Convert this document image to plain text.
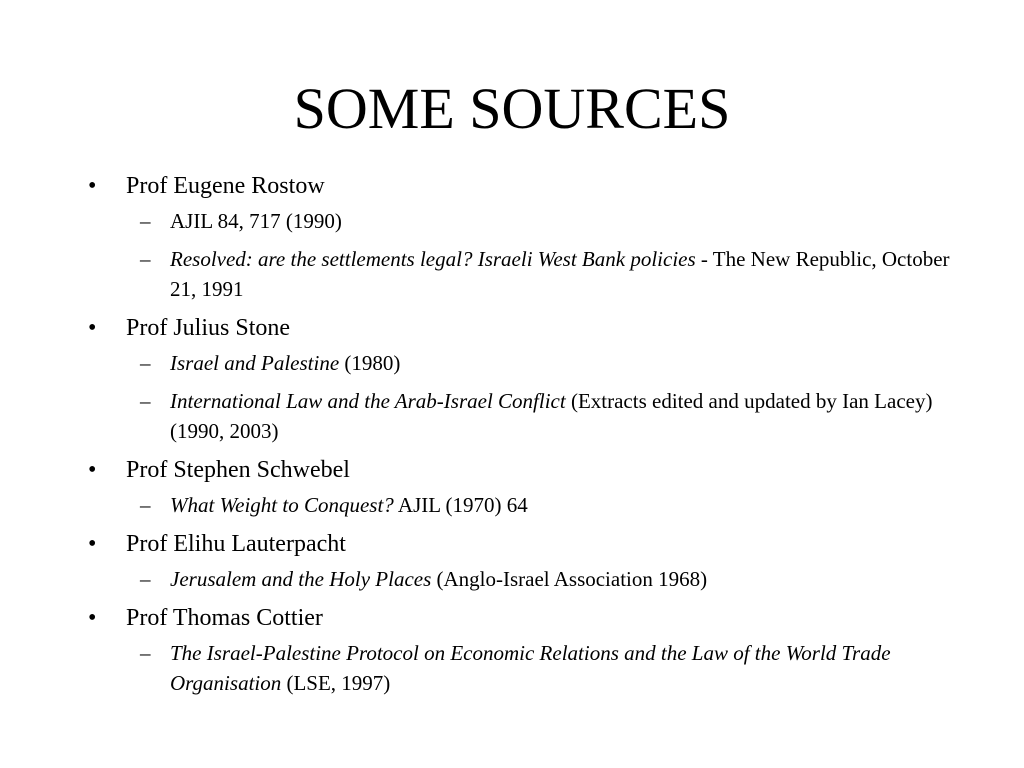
SOME SOURCES
• Prof Eugene Rostow
– AJIL 84, 717 (1990)
– Resolved: are the settlements legal? Israeli West Bank policies - The New Republic, October 21, 1991
• Prof Julius Stone
– Israel and Palestine (1980)
– International Law and the Arab-Israel Conflict (Extracts edited and updated by Ian Lacey) (1990, 2003)
• Prof Stephen Schwebel
– What Weight to Conquest? AJIL (1970) 64
• Prof Elihu Lauterpacht
– Jerusalem and the Holy Places (Anglo-Israel Association 1968)
• Prof Thomas Cottier
– The Israel-Palestine Protocol on Economic Relations and the Law of the World Trade Organisation (LSE, 1997)
